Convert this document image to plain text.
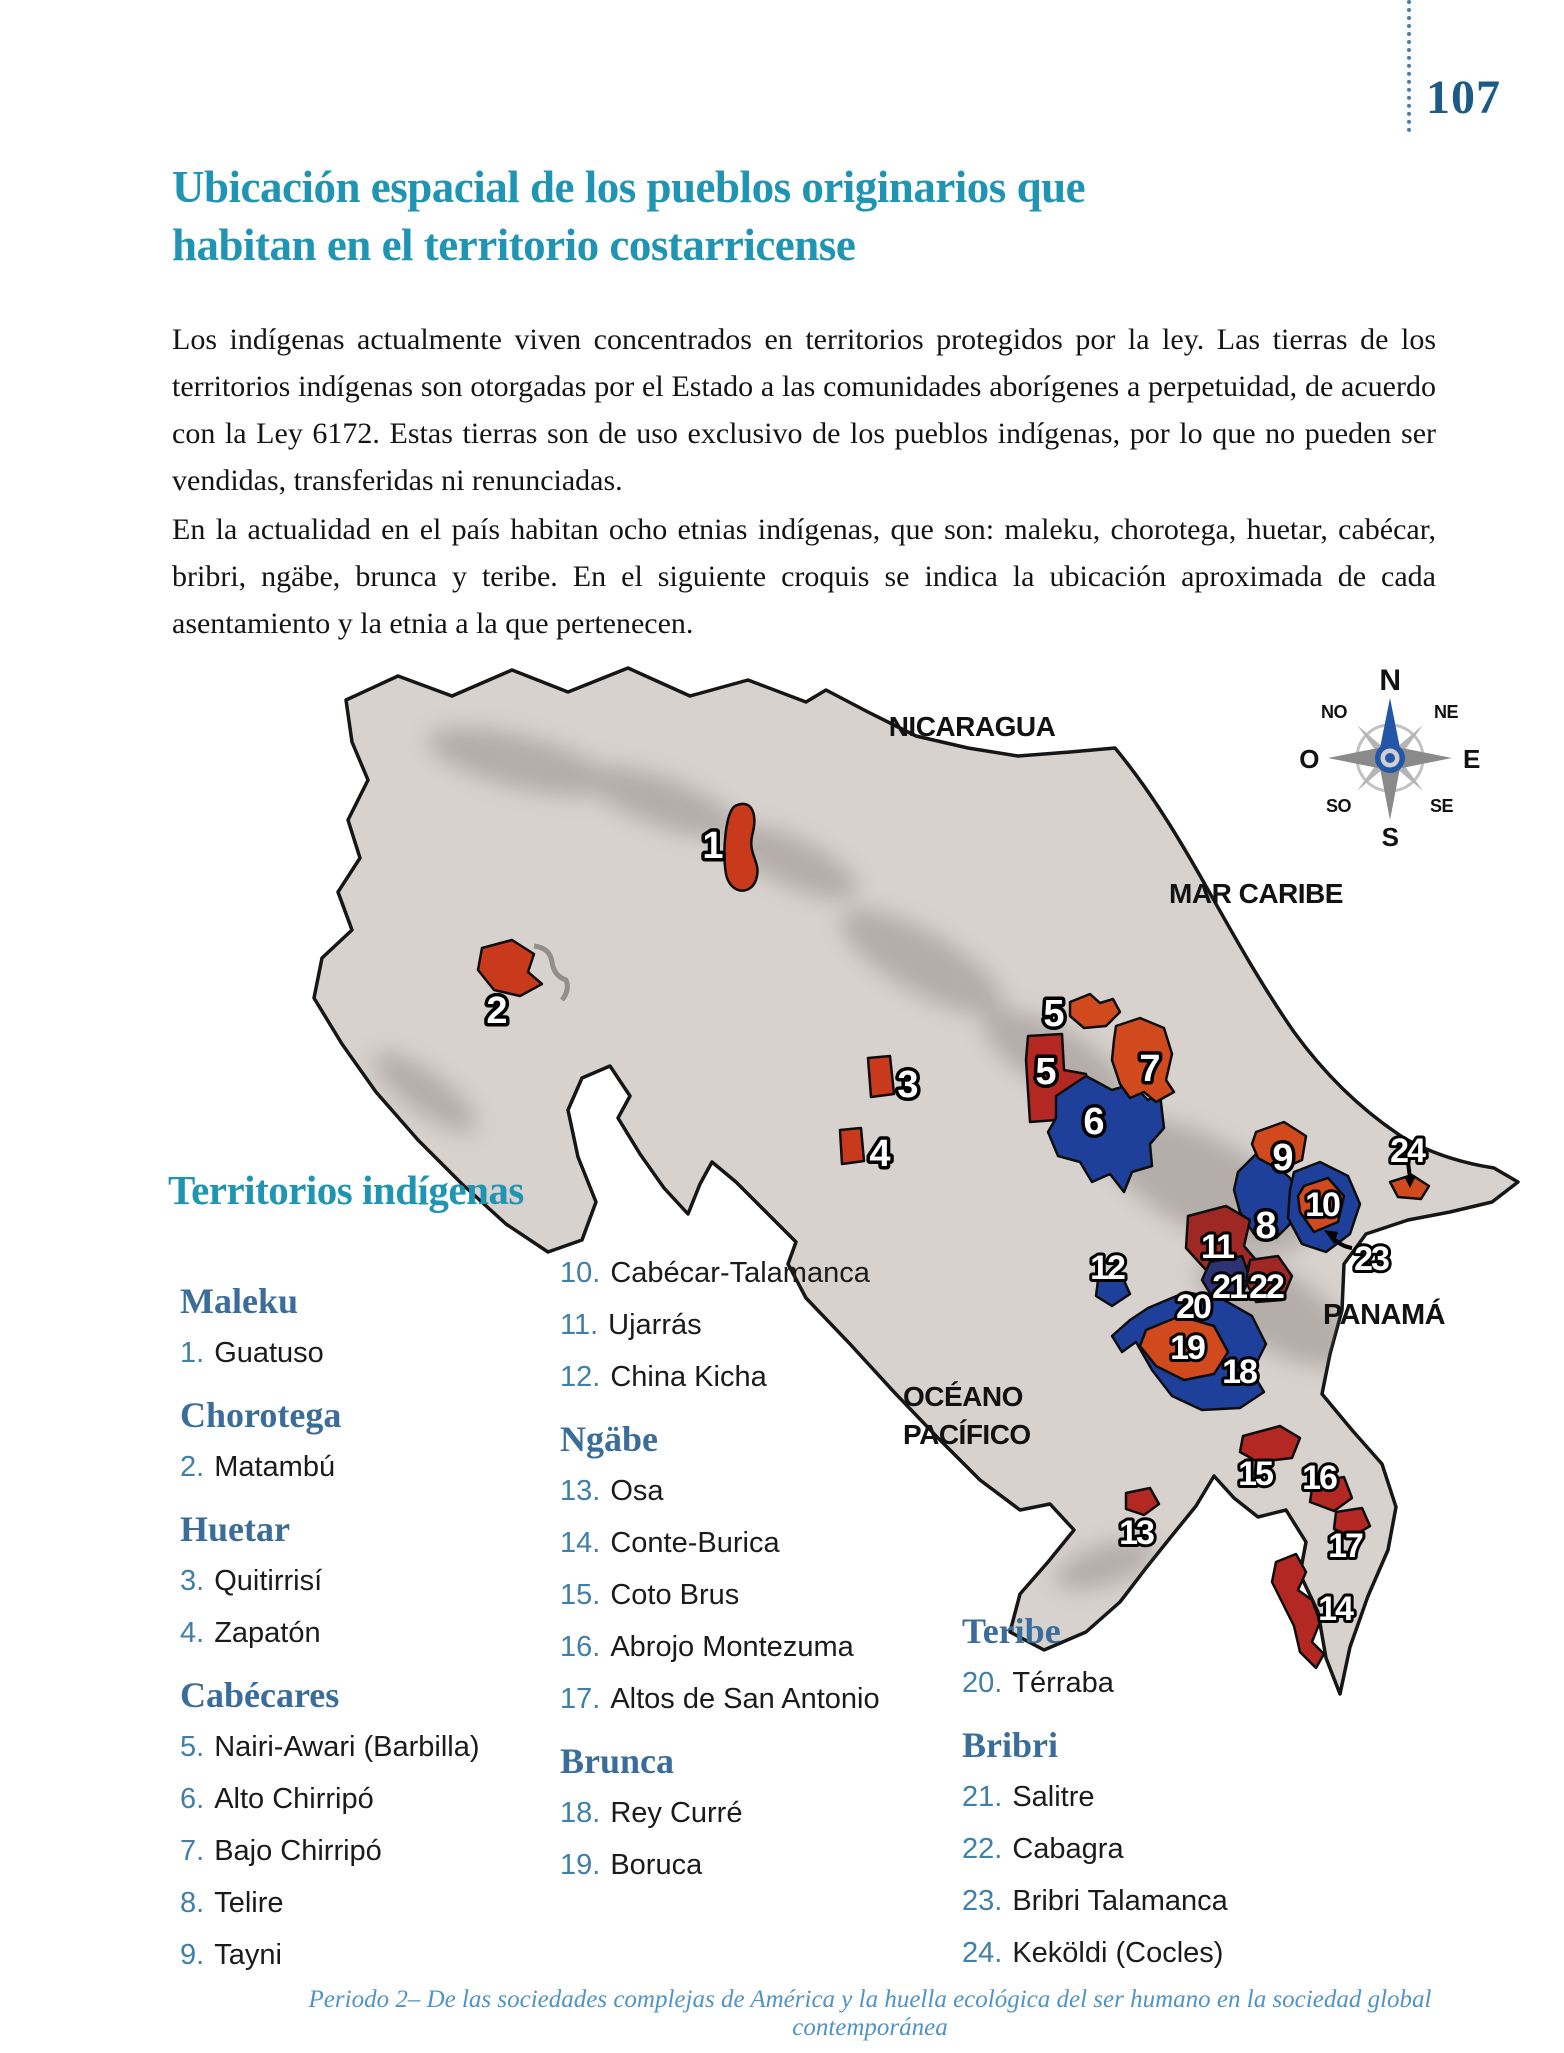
107
Ubicación espacial de los pueblos originarios que
habitan en el territorio costarricense
Los indígenas actualmente viven concentrados en territorios protegidos por la ley. Las tierras de los territorios indígenas son otorgadas por el Estado a las comunidades aborígenes a perpetuidad, de acuerdo con la Ley 6172. Estas tierras son de uso exclusivo de los pueblos indígenas, por lo que no pueden ser vendidas, transferidas ni renunciadas.
En la actualidad en el país habitan ocho etnias indígenas, que son: maleku, chorotega, huetar, cabécar, bribri, ngäbe, brunca y teribe. En el siguiente croquis se indica la ubicación aproximada de cada asentamiento y la etnia a la que pertenecen.
1
2
3
4
5
5
6
7
8
9
10
11
12
13
14
15 16
17
18
19
20
21 22
23
24
NICARAGUA
MAR CARIBE
PANAMÁ
OCÉANO
PACÍFICO
N
S
E
O
NE
NO
SE
SO
Territorios indígenas
Maleku
1. Guatuso
Chorotega
2. Matambú
Huetar
3. Quitirrisí
4. Zapatón
Cabécares
5. Nairi-Awari (Barbilla)
6. Alto Chirripó
7. Bajo Chirripó
8. Telire
9. Tayni
10. Cabécar-Talamanca
11. Ujarrás
12. China Kicha
Ngäbe
13. Osa
14. Conte-Burica
15. Coto Brus
16. Abrojo Montezuma
17. Altos de San Antonio
Brunca
18. Rey Curré
19. Boruca
Teribe
20. Térraba
Bribri
21. Salitre
22. Cabagra
23. Bribri Talamanca
24. Keköldi (Cocles)
Periodo 2– De las sociedades complejas de América y la huella ecológica del ser humano en la sociedad global contemporánea
